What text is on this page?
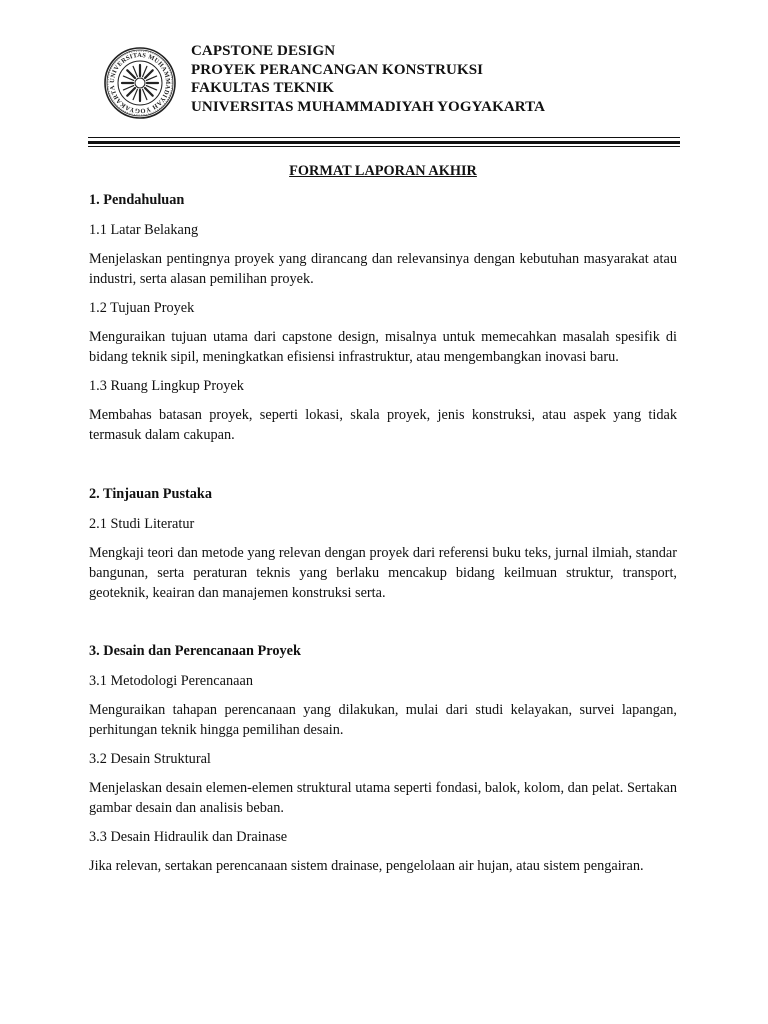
UNIVERSITAS MUHAMMADIYAH YOGYAKARTA
CAPSTONE DESIGN
PROYEK PERANCANGAN KONSTRUKSI
FAKULTAS TEKNIK
UNIVERSITAS MUHAMMADIYAH YOGYAKARTA
FORMAT LAPORAN AKHIR
1. Pendahuluan
1.1 Latar Belakang
Menjelaskan pentingnya proyek yang dirancang dan relevansinya dengan kebutuhan masyarakat atau industri, serta alasan pemilihan proyek.
1.2 Tujuan Proyek
Menguraikan tujuan utama dari capstone design, misalnya untuk memecahkan masalah spesifik di bidang teknik sipil, meningkatkan efisiensi infrastruktur, atau mengembangkan inovasi baru.
1.3 Ruang Lingkup Proyek
Membahas batasan proyek, seperti lokasi, skala proyek, jenis konstruksi, atau aspek yang tidak termasuk dalam cakupan.
2. Tinjauan Pustaka
2.1 Studi Literatur
Mengkaji teori dan metode yang relevan dengan proyek dari referensi buku teks, jurnal ilmiah, standar bangunan, serta peraturan teknis yang berlaku mencakup bidang keilmuan struktur, transport, geoteknik, keairan dan manajemen konstruksi serta.
3. Desain dan Perencanaan Proyek
3.1 Metodologi Perencanaan
Menguraikan tahapan perencanaan yang dilakukan, mulai dari studi kelayakan, survei lapangan, perhitungan teknik hingga pemilihan desain.
3.2 Desain Struktural
Menjelaskan desain elemen-elemen struktural utama seperti fondasi, balok, kolom, dan pelat. Sertakan gambar desain dan analisis beban.
3.3 Desain Hidraulik dan Drainase
Jika relevan, sertakan perencanaan sistem drainase, pengelolaan air hujan, atau sistem pengairan.
